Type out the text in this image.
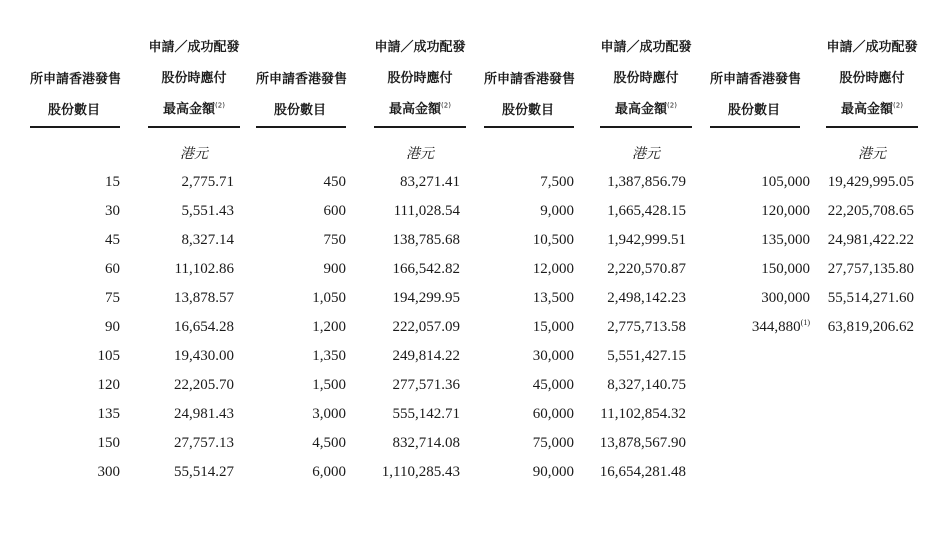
所申請香港發售
股份數目
申請／成功配發
股份時應付
最高金額$^{(2)}$
港元
所申請香港發售
股份數目
申請／成功配發
股份時應付
最高金額$^{(2)}$
港元
所申請香港發售
股份數目
申請／成功配發
股份時應付
最高金額$^{(2)}$
港元
所申請香港發售
股份數目
申請／成功配發
股份時應付
最高金額$^{(2)}$
港元
15
30
45
60
75
90
105
120
135
150
300
2,775.71
5,551.43
8,327.14
11,102.86
13,878.57
16,654.28
19,430.00
22,205.70
24,981.43
27,757.13
55,514.27
450
600
750
900
1,050
1,200
1,350
1,500
3,000
4,500
6,000
83,271.41
111,028.54
138,785.68
166,542.82
194,299.95
222,057.09
249,814.22
277,571.36
555,142.71
832,714.08
1,110,285.43
7,500
9,000
10,500
12,000
13,500
15,000
30,000
45,000
60,000
75,000
90,000
1,387,856.79
1,665,428.15
1,942,999.51
2,220,570.87
2,498,142.23
2,775,713.58
5,551,427.15
8,327,140.75
11,102,854.32
13,878,567.90
16,654,281.48
105,000
120,000
135,000
150,000
300,000
344,880$^{(1)}$
19,429,995.05
22,205,708.65
24,981,422.22
27,757,135.80
55,514,271.60
63,819,206.62
